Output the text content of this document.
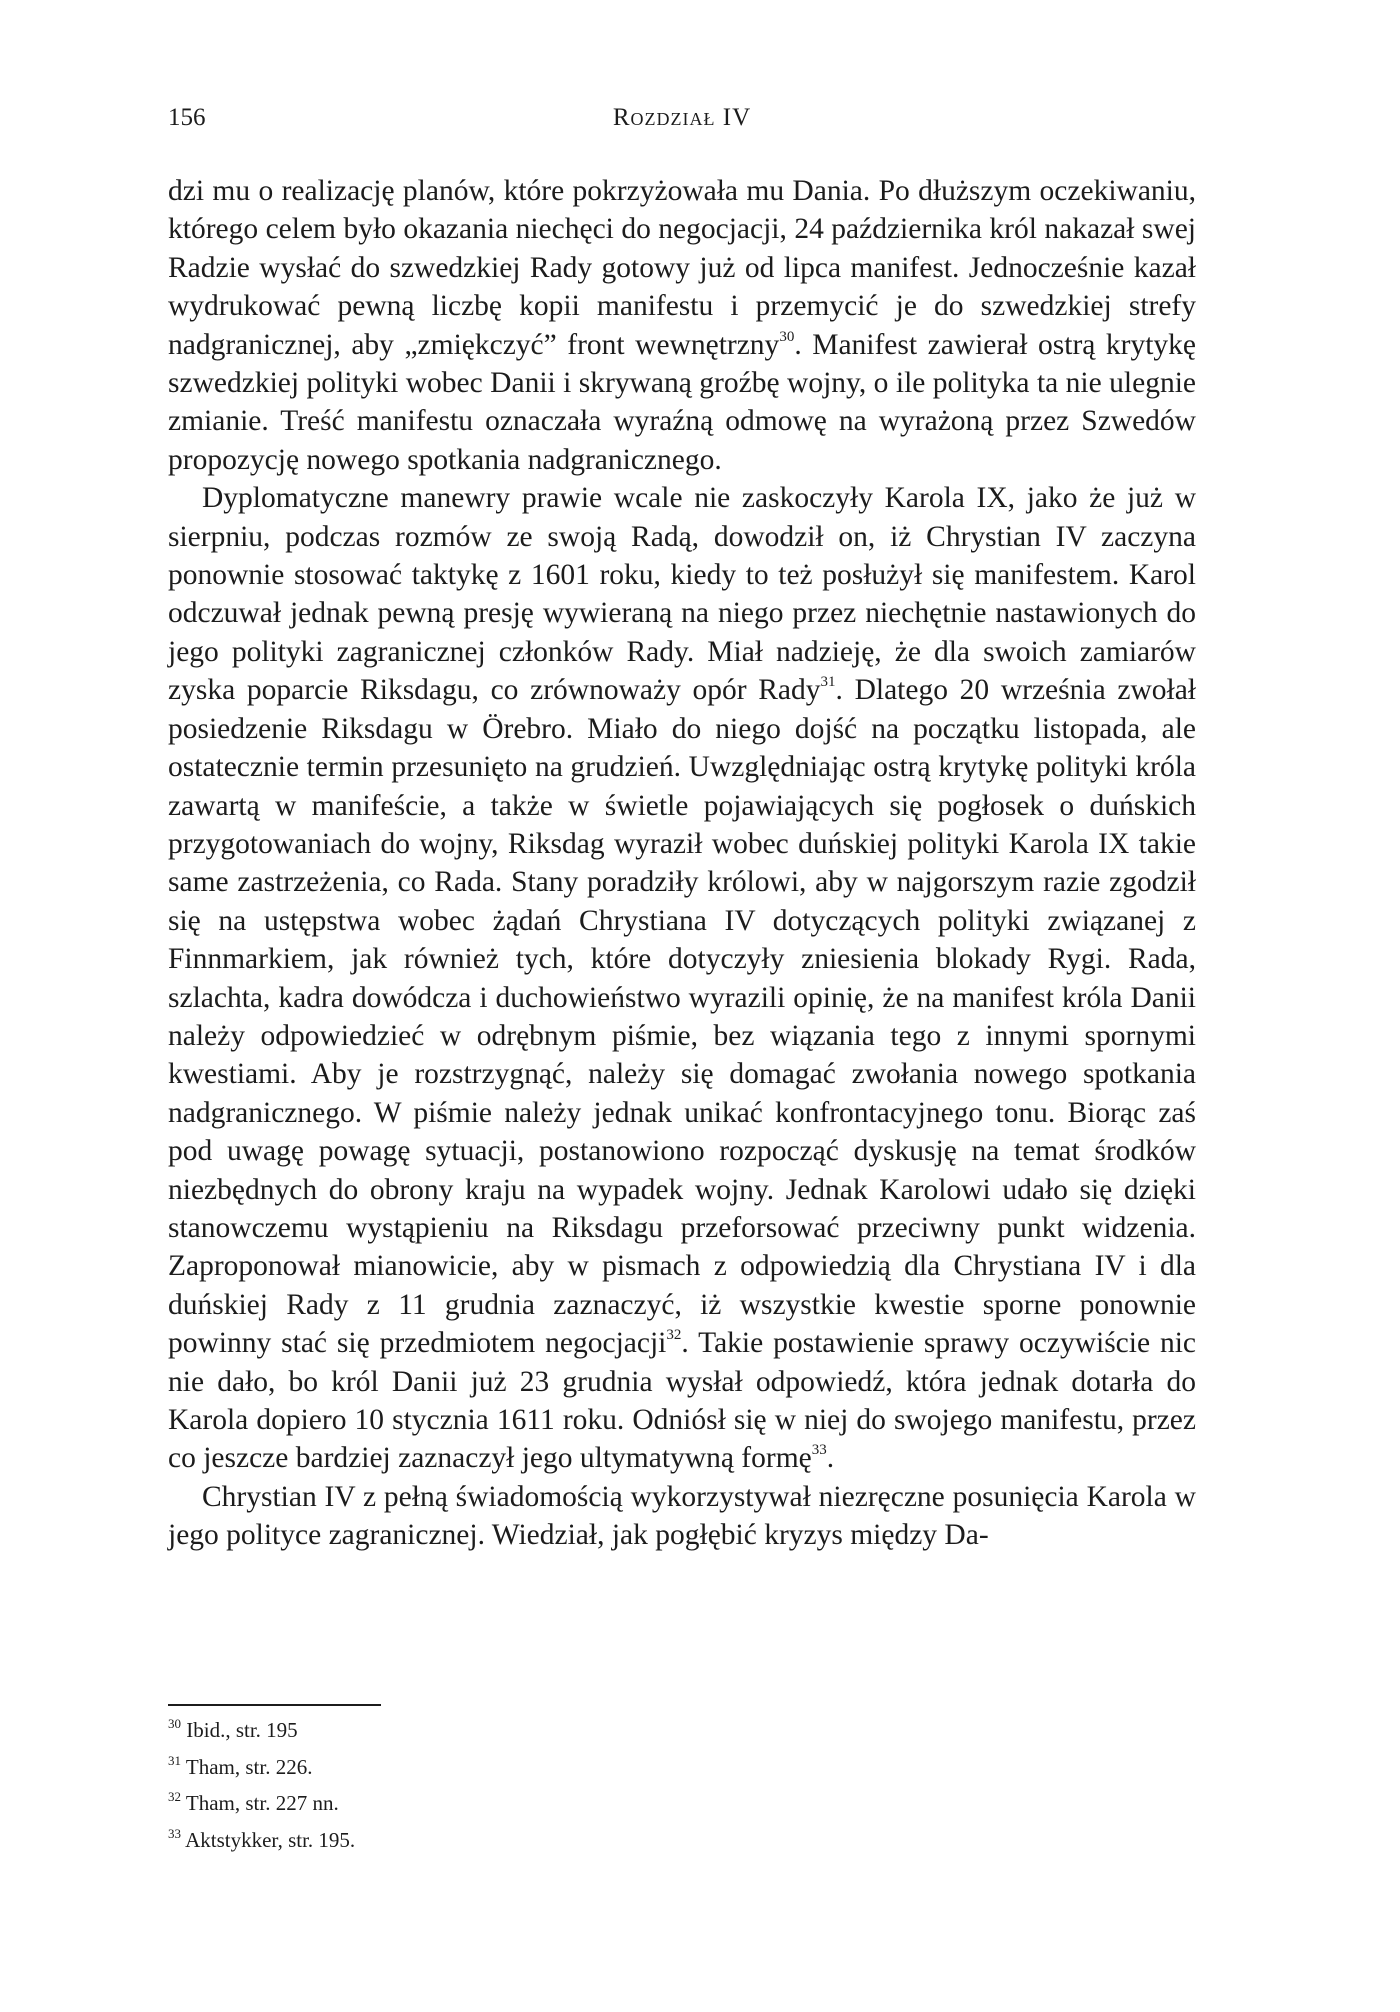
156	Rozdział IV

dzi mu o realizację planów, które pokrzyżowała mu Dania. Po dłuższym oczekiwaniu, którego celem było okazania niechęci do negocjacji, 24 października król nakazał swej Radzie wysłać do szwedzkiej Rady gotowy już od lipca manifest. Jednocześnie kazał wydrukować pewną liczbę kopii manifestu i przemycić je do szwedzkiej strefy nadgranicznej, aby „zmiękczyć” front wewnętrzny$^{30}$. Manifest zawierał ostrą krytykę szwedzkiej polityki wobec Danii i skrywaną groźbę wojny, o ile polityka ta nie ulegnie zmianie. Treść manifestu oznaczała wyraźną odmowę na wyrażoną przez Szwedów propozycję nowego spotkania nadgranicznego.

Dyplomatyczne manewry prawie wcale nie zaskoczyły Karola IX, jako że już w sierpniu, podczas rozmów ze swoją Radą, dowodził on, iż Chrystian IV zaczyna ponownie stosować taktykę z 1601 roku, kiedy to też posłużył się manifestem. Karol odczuwał jednak pewną presję wywieraną na niego przez niechętnie nastawionych do jego polityki zagranicznej członków Rady. Miał nadzieję, że dla swoich zamiarów zyska poparcie Riksdagu, co zrównoważy opór Rady$^{31}$. Dlatego 20 września zwołał posiedzenie Riksdagu w Örebro. Miało do niego dojść na początku listopada, ale ostatecznie termin przesunięto na grudzień. Uwzględniając ostrą krytykę polityki króla zawartą w manifeście, a także w świetle pojawiających się pogłosek o duńskich przygotowaniach do wojny, Riksdag wyraził wobec duńskiej polityki Karola IX takie same zastrzeżenia, co Rada. Stany poradziły królowi, aby w najgorszym razie zgodził się na ustępstwa wobec żądań Chrystiana IV dotyczących polityki związanej z Finnmarkiem, jak również tych, które dotyczyły zniesienia blokady Rygi. Rada, szlachta, kadra dowódcza i duchowieństwo wyrazili opinię, że na manifest króla Danii należy odpowiedzieć w odrębnym piśmie, bez wiązania tego z innymi spornymi kwestiami. Aby je rozstrzygnąć, należy się domagać zwołania nowego spotkania nadgranicznego. W piśmie należy jednak unikać konfrontacyjnego tonu. Biorąc zaś pod uwagę powagę sytuacji, postanowiono rozpocząć dyskusję na temat środków niezbędnych do obrony kraju na wypadek wojny. Jednak Karolowi udało się dzięki stanowczemu wystąpieniu na Riksdagu przeforsować przeciwny punkt widzenia. Zaproponował mianowicie, aby w pismach z odpowiedzią dla Chrystiana IV i dla duńskiej Rady z 11 grudnia zaznaczyć, iż wszystkie kwestie sporne ponownie powinny stać się przedmiotem negocjacji$^{32}$. Takie postawienie sprawy oczywiście nic nie dało, bo król Danii już 23 grudnia wysłał odpowiedź, która jednak dotarła do Karola dopiero 10 stycznia 1611 roku. Odniósł się w niej do swojego manifestu, przez co jeszcze bardziej zaznaczył jego ultymatywną formę$^{33}$.

Chrystian IV z pełną świadomością wykorzystywał niezręczne posunięcia Karola w jego polityce zagranicznej. Wiedział, jak pogłębić kryzys między Da-

$^{30}$ Ibid., str. 195
$^{31}$ Tham, str. 226.
$^{32}$ Tham, str. 227 nn.
$^{33}$ Aktstykker, str. 195.
